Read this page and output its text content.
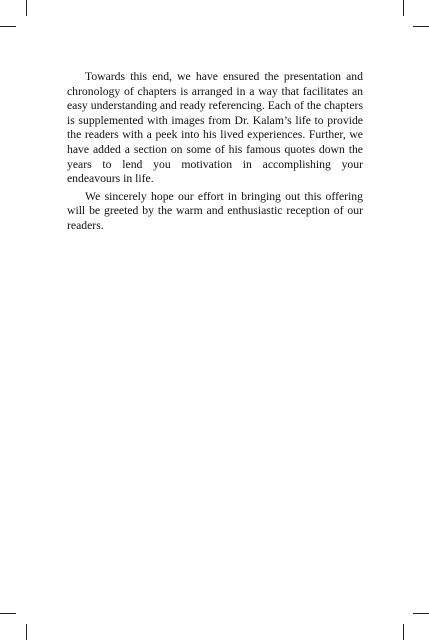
Towards this end, we have ensured the presentation and chronology of chapters is arranged in a way that facilitates an easy understanding and ready referencing. Each of the chapters is supplemented with images from Dr. Kalam’s life to provide the readers with a peek into his lived experiences. Further, we have added a section on some of his famous quotes down the years to lend you motivation in accomplishing your endeavours in life.

We sincerely hope our effort in bringing out this offering will be greeted by the warm and enthusiastic reception of our readers.
